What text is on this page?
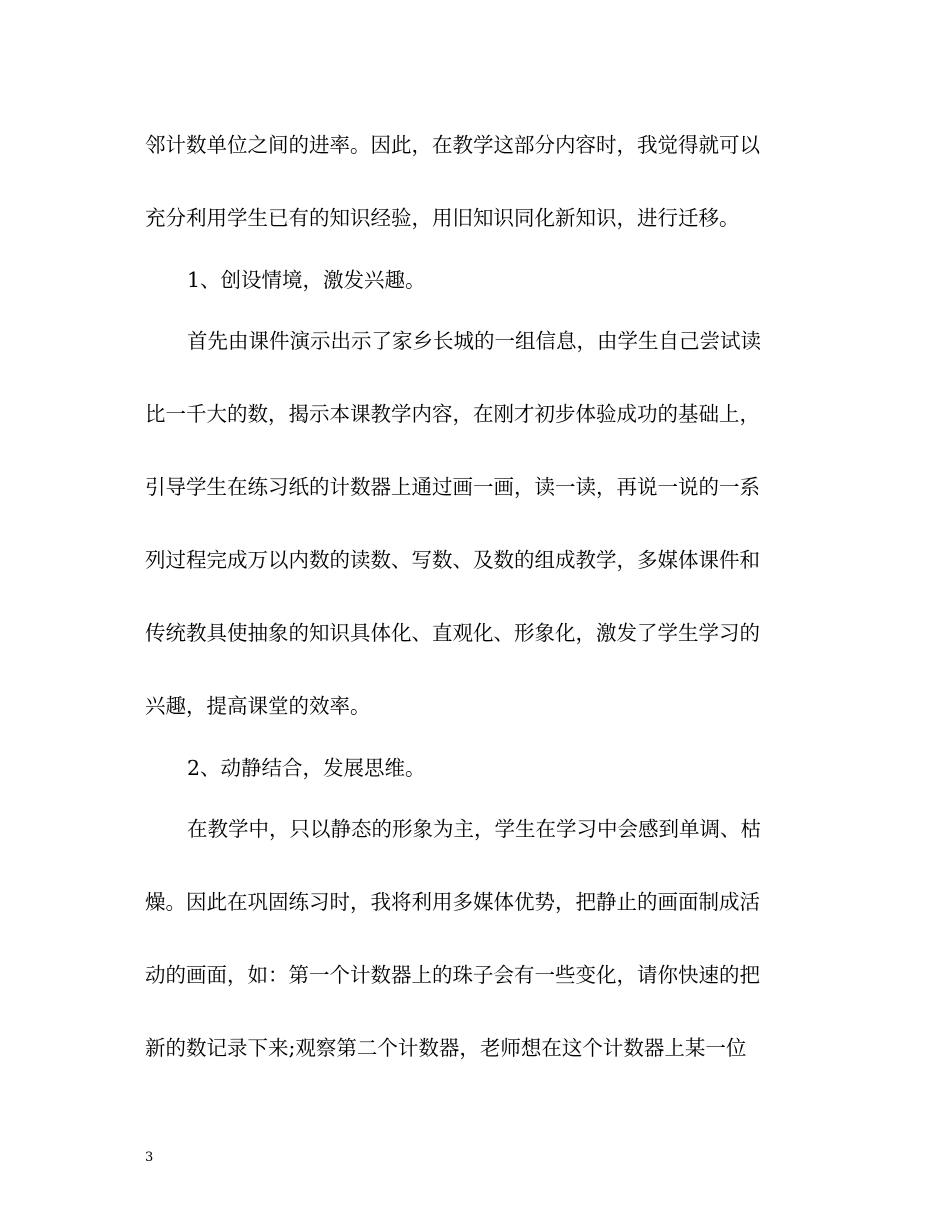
邻计数单位之间的进率。因此，在教学这部分内容时，我觉得就可以
充分利用学生已有的知识经验，用旧知识同化新知识，进行迁移。
1、创设情境，激发兴趣。
首先由课件演示出示了家乡长城的一组信息，由学生自己尝试读
比一千大的数，揭示本课教学内容，在刚才初步体验成功的基础上，
引导学生在练习纸的计数器上通过画一画，读一读，再说一说的一系
列过程完成万以内数的读数、写数、及数的组成教学，多媒体课件和
传统教具使抽象的知识具体化、直观化、形象化，激发了学生学习的
兴趣，提高课堂的效率。
2、动静结合，发展思维。
在教学中，只以静态的形象为主，学生在学习中会感到单调、枯
燥。因此在巩固练习时，我将利用多媒体优势，把静止的画面制成活
动的画面，如：第一个计数器上的珠子会有一些变化，请你快速的把
新的数记录下来;观察第二个计数器，老师想在这个计数器上某一位
3
